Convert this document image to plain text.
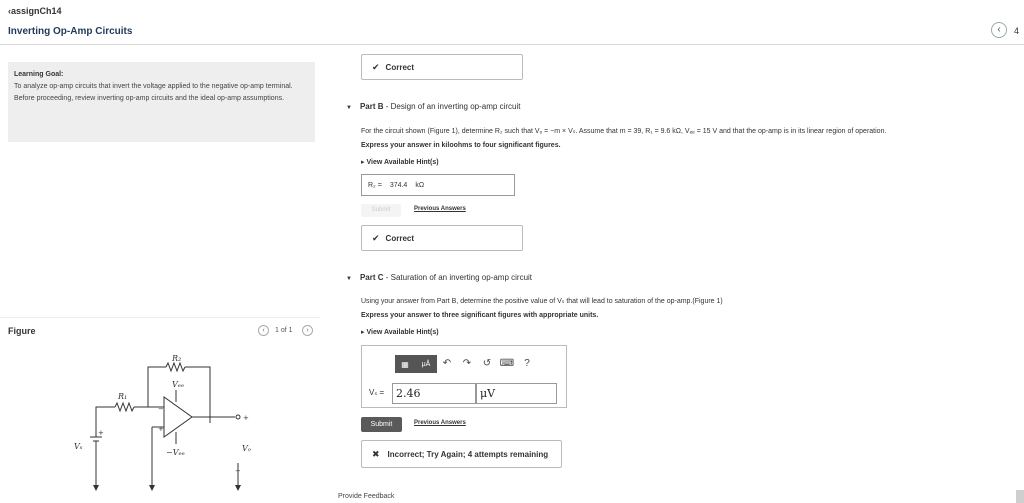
‹assignCh14
Inverting Op-Amp Circuits	‹	4
Learning Goal:

To analyze op-amp circuits that invert the voltage applied to the negative op-amp terminal.

Before proceeding, review inverting op-amp circuits and the ideal op-amp assumptions.

Figure	‹	1 of 1	›
R₂
R₁
Vₑₑ
−Vₑₑ
Vₛ	Vₒ
+
−
+
+
−
✔ Correct
▼ Part B - Design of an inverting op-amp circuit
For the circuit shown (Figure 1), determine R₂ such that Vₒ = −m × Vₛ. Assume that m = 39, R₁ = 9.6 kΩ, Vₑₑ = 15 V and that the op-amp is in its linear region of operation.
Express your answer in kiloohms to four significant figures.
▸ View Available Hint(s)
R₂ = 374.4 kΩ
Submit	Previous Answers
✔ Correct
▼ Part C - Saturation of an inverting op-amp circuit
Using your answer from Part B, determine the positive value of Vₛ that will lead to saturation of the op-amp.(Figure 1)
Express your answer to three significant figures with appropriate units.
▸ View Available Hint(s)
▦	μÅ	↶	↷	↺ ⌨	?
Vₛ =	2.46	μV
Submit	Previous Answers
✖ Incorrect; Try Again; 4 attempts remaining
Provide Feedback
